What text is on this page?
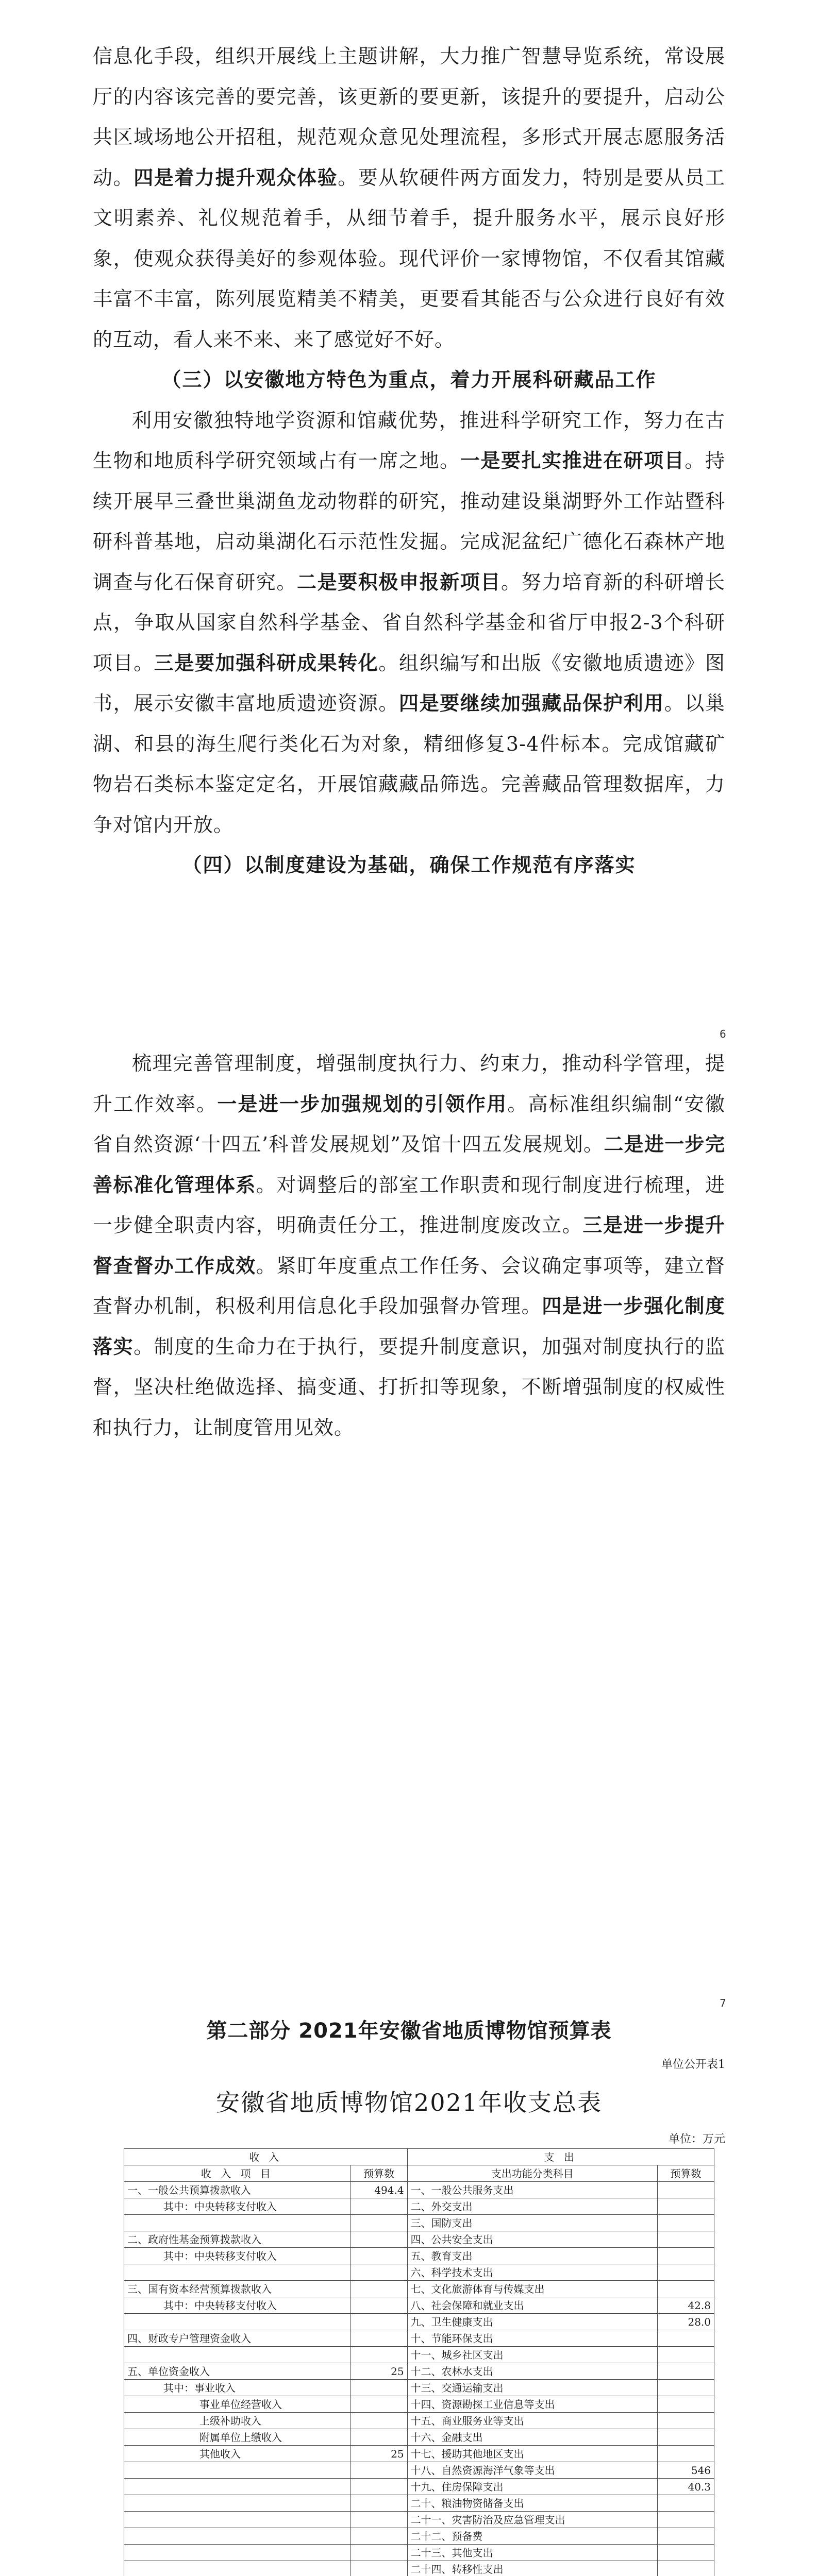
信息化手段，组织开展线上主题讲解，大力推广智慧导览系统，常设展厅的内容该完善的要完善，该更新的要更新，该提升的要提升，启动公共区域场地公开招租，规范观众意见处理流程，多形式开展志愿服务活动。四是着力提升观众体验。要从软硬件两方面发力，特别是要从员工文明素养、礼仪规范着手，从细节着手，提升服务水平，展示良好形象，使观众获得美好的参观体验。现代评价一家博物馆，不仅看其馆藏丰富不丰富，陈列展览精美不精美，更要看其能否与公众进行良好有效的互动，看人来不来、来了感觉好不好。

（三）以安徽地方特色为重点，着力开展科研藏品工作

利用安徽独特地学资源和馆藏优势，推进科学研究工作，努力在古生物和地质科学研究领域占有一席之地。一是要扎实推进在研项目。持续开展早三叠世巢湖鱼龙动物群的研究，推动建设巢湖野外工作站暨科研科普基地，启动巢湖化石示范性发掘。完成泥盆纪广德化石森林产地调查与化石保育研究。二是要积极申报新项目。努力培育新的科研增长点，争取从国家自然科学基金、省自然科学基金和省厅申报2-3个科研项目。三是要加强科研成果转化。组织编写和出版《安徽地质遗迹》图书，展示安徽丰富地质遗迹资源。四是要继续加强藏品保护利用。以巢湖、和县的海生爬行类化石为对象，精细修复3-4件标本。完成馆藏矿物岩石类标本鉴定定名，开展馆藏藏品筛选。完善藏品管理数据库，力争对馆内开放。

（四）以制度建设为基础，确保工作规范有序落实

6

梳理完善管理制度，增强制度执行力、约束力，推动科学管理，提升工作效率。一是进一步加强规划的引领作用。高标准组织编制“安徽省自然资源‘十四五’科普发展规划”及馆十四五发展规划。二是进一步完善标准化管理体系。对调整后的部室工作职责和现行制度进行梳理，进一步健全职责内容，明确责任分工，推进制度废改立。三是进一步提升督查督办工作成效。紧盯年度重点工作任务、会议确定事项等，建立督查督办机制，积极利用信息化手段加强督办管理。四是进一步强化制度落实。制度的生命力在于执行，要提升制度意识，加强对制度执行的监督，坚决杜绝做选择、搞变通、打折扣等现象，不断增强制度的权威性和执行力，让制度管用见效。

7
第二部分 2021年安徽省地质博物馆预算表
单位公开表1
安徽省地质博物馆2021年收支总表
单位：万元
收 入		支 出	
收 入 项 目	预算数	支出功能分类科目	预算数
一、一般公共预算拨款收入	494.4	一、一般公共服务支出	
其中：中央转移支付收入		二、外交支出	
		三、国防支出	
二、政府性基金预算拨款收入		四、公共安全支出	
其中：中央转移支付收入		五、教育支出	
		六、科学技术支出	
三、国有资本经营预算拨款收入		七、文化旅游体育与传媒支出	
其中：中央转移支付收入		八、社会保障和就业支出	42.8
		九、卫生健康支出	28.0
四、财政专户管理资金收入		十、节能环保支出	
		十一、城乡社区支出	
五、单位资金收入	25	十二、农林水支出	
其中：事业收入		十三、交通运输支出	
事业单位经营收入		十四、资源勘探工业信息等支出	
上级补助收入		十五、商业服务业等支出	
附属单位上缴收入		十六、金融支出	
其他收入	25	十七、援助其他地区支出	
		十八、自然资源海洋气象等支出	546
		十九、住房保障支出	40.3
		二十、粮油物资储备支出	
		二十一、灾害防治及应急管理支出	
		二十二、预备费	
		二十三、其他支出	
		二十四、转移性支出	
